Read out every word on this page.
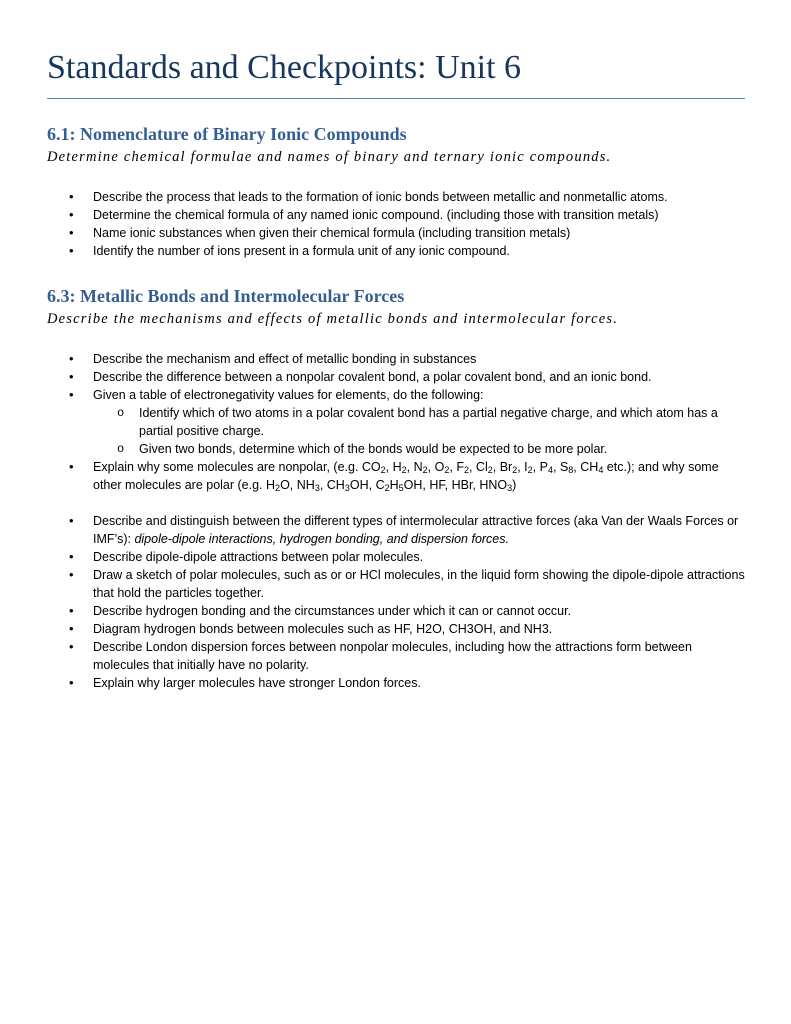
Standards and Checkpoints: Unit 6
6.1: Nomenclature of Binary Ionic Compounds

Determine chemical formulae and names of binary and ternary ionic compounds.

• Describe the process that leads to the formation of ionic bonds between metallic and nonmetallic atoms.
• Determine the chemical formula of any named ionic compound. (including those with transition metals)
• Name ionic substances when given their chemical formula (including transition metals)
• Identify the number of ions present in a formula unit of any ionic compound.
6.3: Metallic Bonds and Intermolecular Forces

Describe the mechanisms and effects of metallic bonds and intermolecular forces.

• Describe the mechanism and effect of metallic bonding in substances
• Describe the difference between a nonpolar covalent bond, a polar covalent bond, and an ionic bond.
• Given a table of electronegativity values for elements, do the following:
o Identify which of two atoms in a polar covalent bond has a partial negative charge, and which atom has a partial positive charge.
o Given two bonds, determine which of the bonds would be expected to be more polar.
• Explain why some molecules are nonpolar, (e.g. $CO_2$, $H_2$, $N_2$, $O_2$, $F_2$, $Cl_2$, $Br_2$, $I_2$, $P_4$, $S_8$, $CH_4$ etc.); and why some other molecules are polar (e.g. $H_2O$, $NH_3$, $CH_3OH$, $C_2H_5OH$, HF, HBr, $HNO_3$)
• Describe and distinguish between the different types of intermolecular attractive forces (aka Van der Waals Forces or IMF’s): dipole-dipole interactions, hydrogen bonding, and dispersion forces.
• Describe dipole-dipole attractions between polar molecules.
• Draw a sketch of polar molecules, such as or or HCl molecules, in the liquid form showing the dipole-dipole attractions that hold the particles together.
• Describe hydrogen bonding and the circumstances under which it can or cannot occur.
• Diagram hydrogen bonds between molecules such as HF, H2O, CH3OH, and NH3.
• Describe London dispersion forces between nonpolar molecules, including how the attractions form between molecules that initially have no polarity.
• Explain why larger molecules have stronger London forces.
